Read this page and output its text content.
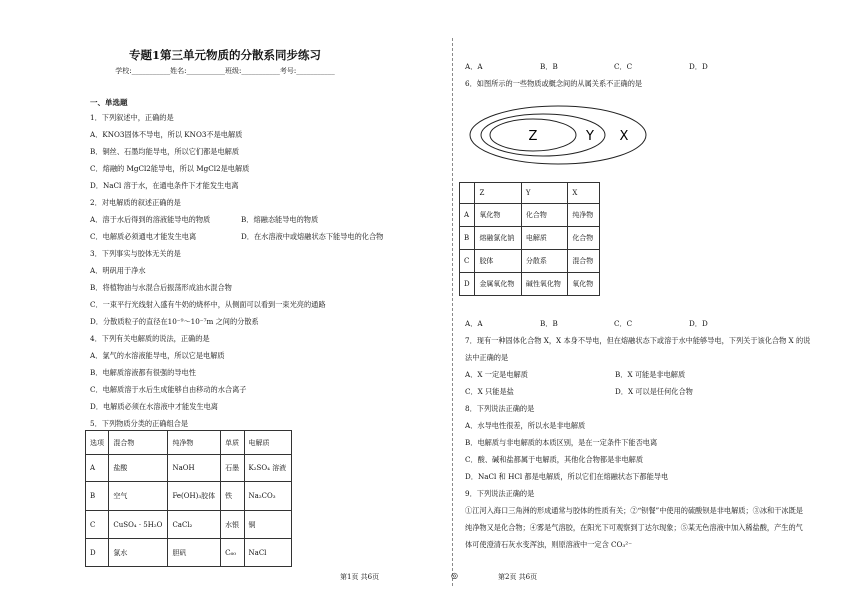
专题1第三单元物质的分散系同步练习
学校:___________姓名:___________班级:___________考号:___________
一、单选题
1．下列叙述中，正确的是
A．KNO3固体不导电，所以 KNO3不是电解质
B．铜丝、石墨均能导电，所以它们都是电解质
C．熔融的 MgCl2能导电，所以 MgCl2是电解质
D．NaCl 溶于水，在通电条件下才能发生电离
2．对电解质的叙述正确的是
A．溶于水后得到的溶液能导电的物质	B．熔融态能导电的物质
C．电解质必须通电才能发生电离	D．在水溶液中或熔融状态下能导电的化合物
3．下列事实与胶体无关的是
A．明矾用于净水
B．将植物油与水混合后振荡形成油水混合物
C．一束平行光线射入盛有牛奶的烧杯中，从侧面可以看到一束光亮的通路
D．分散质粒子的直径在10⁻⁹～10⁻⁷m 之间的分散系
4．下列有关电解质的说法，正确的是
A．氯气的水溶液能导电，所以它是电解质
B．电解质溶液都有很强的导电性
C．电解质溶于水后生成能够自由移动的水合离子
D．电解质必须在水溶液中才能发生电离
5．下列物质分类的正确组合是
选项	混合物	纯净物	单质	电解质
A	盐酸	NaOH	石墨	K₂SO₄ 溶液
B	空气	Fe(OH)₃胶体	铁	Na₂CO₃
C	CuSO₄ · 5H₂O	CaCl₂	水银	铜
D	氯水	胆矾	C₆₀	NaCl
第1页 共6页	◎
A．A	B．B	C．C	D．D
6．如图所示的一些物质或概念间的从属关系不正确的是
Z	Y X
	Z	Y	X
A	氧化物	化合物	纯净物
B	熔融氯化钠	电解质	化合物
C	胶体	分散系	混合物
D	金属氧化物	碱性氧化物	氧化物
A．A	B．B	C．C	D．D
7．现有一种固体化合物 X，X 本身不导电，但在熔融状态下或溶于水中能够导电，下列关于该化合物 X 的说
法中正确的是
A．X 一定是电解质	B．X 可能是非电解质
C．X 只能是盐	D．X 可以是任何化合物
8．下列说法正确的是
A．水导电性很差，所以水是非电解质
B．电解质与非电解质的本质区别，是在一定条件下能否电离
C．酸、碱和盐都属于电解质，其他化合物都是非电解质
D．NaCl 和 HCl 都是电解质，所以它们在熔融状态下都能导电
9．下列说法正确的是
①江河入海口三角洲的形成通常与胶体的性质有关；②“钡餐”中使用的硫酸钡是非电解质；③冰和干冰既是
纯净物又是化合物；④雾是气溶胶，在阳光下可观察到丁达尔现象；⑤某无色溶液中加入稀盐酸，产生的气
体可使澄清石灰水变浑浊，则原溶液中一定含 CO₃²⁻
第2页 共6页
